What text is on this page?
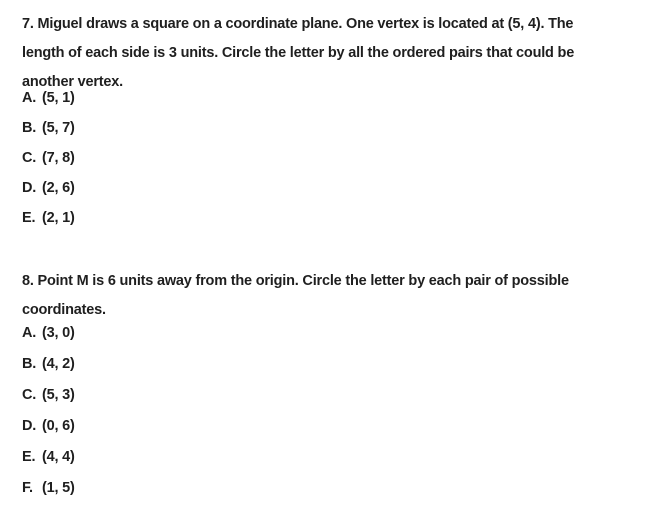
7. Miguel draws a square on a coordinate plane. One vertex is located at (5, 4). The
length of each side is 3 units. Circle the letter by all the ordered pairs that could be
another vertex.
A. (5, 1)
B. (5, 7)
C. (7, 8)
D. (2, 6)
E. (2, 1)
8. Point M is 6 units away from the origin. Circle the letter by each pair of possible
coordinates.
A. (3, 0)
B. (4, 2)
C. (5, 3)
D. (0, 6)
E. (4, 4)
F. (1, 5)
